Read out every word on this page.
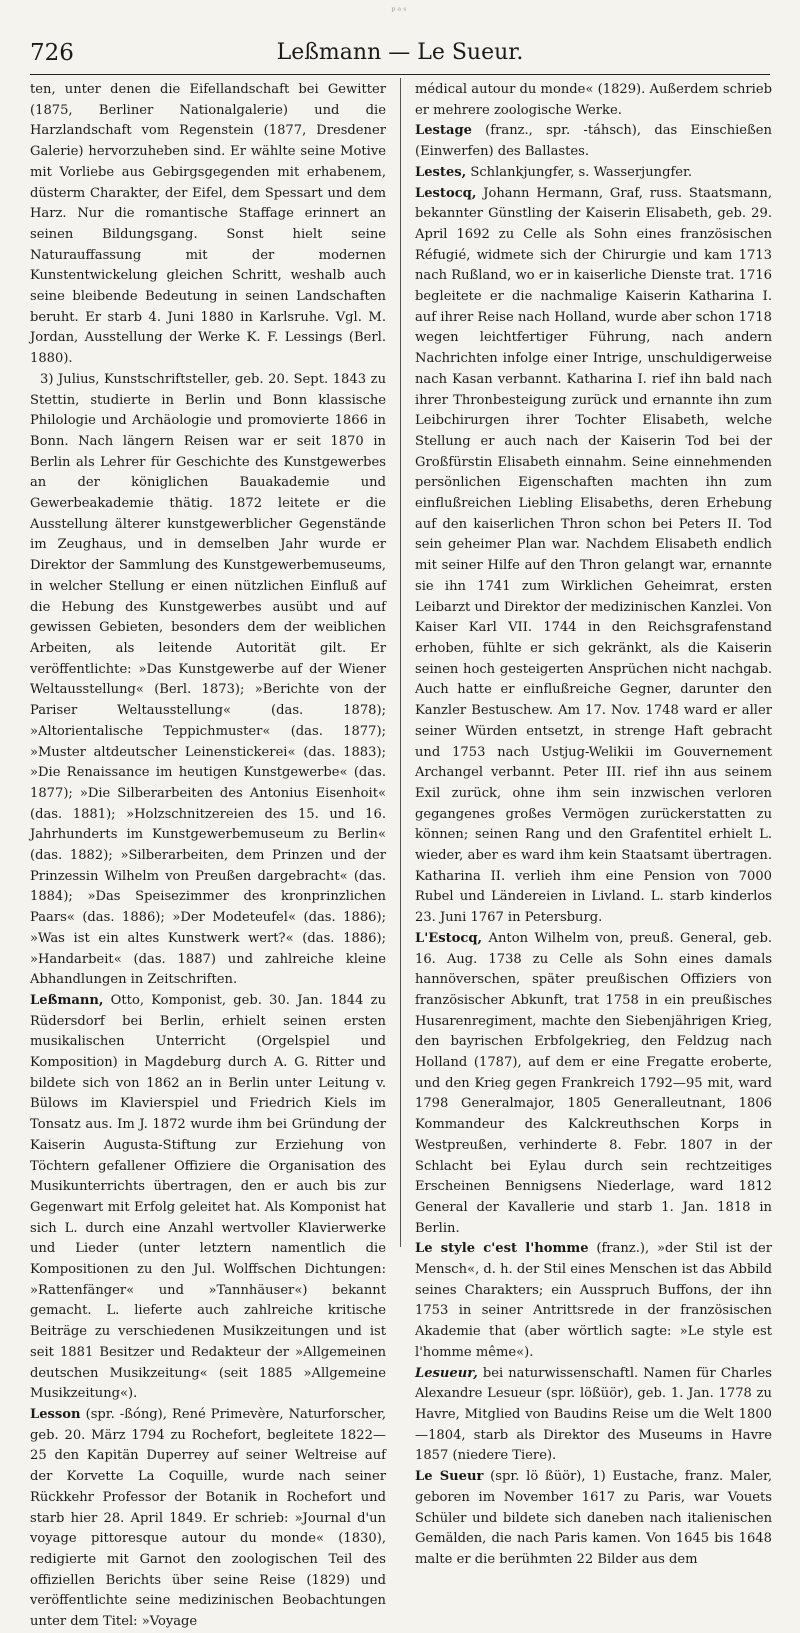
ᵖᵃˢ
726	Leßmann — Le Sueur.

ten, unter denen die Eifellandschaft bei Gewitter (1875, Berliner Nationalgalerie) und die Harzlandschaft vom Regenstein (1877, Dresdener Galerie) hervorzuheben sind. Er wählte seine Motive mit Vorliebe aus Gebirgsgegenden mit erhabenem, düsterm Charakter, der Eifel, dem Spessart und dem Harz. Nur die romantische Staffage erinnert an seinen Bildungsgang. Sonst hielt seine Naturauffassung mit der modernen Kunstentwickelung gleichen Schritt, weshalb auch seine bleibende Bedeutung in seinen Landschaften beruht. Er starb 4. Juni 1880 in Karlsruhe. Vgl. M. Jordan, Ausstellung der Werke K. F. Lessings (Berl. 1880).

3) Julius, Kunstschriftsteller, geb. 20. Sept. 1843 zu Stettin, studierte in Berlin und Bonn klassische Philologie und Archäologie und promovierte 1866 in Bonn. Nach längern Reisen war er seit 1870 in Berlin als Lehrer für Geschichte des Kunstgewerbes an der königlichen Bauakademie und Gewerbeakademie thätig. 1872 leitete er die Ausstellung älterer kunstgewerblicher Gegenstände im Zeughaus, und in demselben Jahr wurde er Direktor der Sammlung des Kunstgewerbemuseums, in welcher Stellung er einen nützlichen Einfluß auf die Hebung des Kunstgewerbes ausübt und auf gewissen Gebieten, besonders dem der weiblichen Arbeiten, als leitende Autorität gilt. Er veröffentlichte: »Das Kunstgewerbe auf der Wiener Weltausstellung« (Berl. 1873); »Berichte von der Pariser Weltausstellung« (das. 1878); »Altorientalische Teppichmuster« (das. 1877); »Muster altdeutscher Leinenstickerei« (das. 1883); »Die Renaissance im heutigen Kunstgewerbe« (das. 1877); »Die Silberarbeiten des Antonius Eisenhoit« (das. 1881); »Holzschnitzereien des 15. und 16. Jahrhunderts im Kunstgewerbemuseum zu Berlin« (das. 1882); »Silberarbeiten, dem Prinzen und der Prinzessin Wilhelm von Preußen dargebracht« (das. 1884); »Das Speisezimmer des kronprinzlichen Paars« (das. 1886); »Der Modeteufel« (das. 1886); »Was ist ein altes Kunstwerk wert?« (das. 1886); »Handarbeit« (das. 1887) und zahlreiche kleine Abhandlungen in Zeitschriften.

Leßmann, Otto, Komponist, geb. 30. Jan. 1844 zu Rüdersdorf bei Berlin, erhielt seinen ersten musikalischen Unterricht (Orgelspiel und Komposition) in Magdeburg durch A. G. Ritter und bildete sich von 1862 an in Berlin unter Leitung v. Bülows im Klavierspiel und Friedrich Kiels im Tonsatz aus. Im J. 1872 wurde ihm bei Gründung der Kaiserin Augusta-Stiftung zur Erziehung von Töchtern gefallener Offiziere die Organisation des Musikunterrichts übertragen, den er auch bis zur Gegenwart mit Erfolg geleitet hat. Als Komponist hat sich L. durch eine Anzahl wertvoller Klavierwerke und Lieder (unter letztern namentlich die Kompositionen zu den Jul. Wolffschen Dichtungen: »Rattenfänger« und »Tannhäuser«) bekannt gemacht. L. lieferte auch zahlreiche kritische Beiträge zu verschiedenen Musikzeitungen und ist seit 1881 Besitzer und Redakteur der »Allgemeinen deutschen Musikzeitung« (seit 1885 »Allgemeine Musikzeitung«).

Lesson (spr. -ßóng), René Primevère, Naturforscher, geb. 20. März 1794 zu Rochefort, begleitete 1822—25 den Kapitän Duperrey auf seiner Weltreise auf der Korvette La Coquille, wurde nach seiner Rückkehr Professor der Botanik in Rochefort und starb hier 28. April 1849. Er schrieb: »Journal d'un voyage pittoresque autour du monde« (1830), redigierte mit Garnot den zoologischen Teil des offiziellen Berichts über seine Reise (1829) und veröffentlichte seine medizinischen Beobachtungen unter dem Titel: »Voyage

médical autour du monde« (1829). Außerdem schrieb er mehrere zoologische Werke.

Lestage (franz., spr. -táhsch), das Einschießen (Einwerfen) des Ballastes.

Lestes, Schlankjungfer, s. Wasserjungfer.

Lestocq, Johann Hermann, Graf, russ. Staatsmann, bekannter Günstling der Kaiserin Elisabeth, geb. 29. April 1692 zu Celle als Sohn eines französischen Réfugié, widmete sich der Chirurgie und kam 1713 nach Rußland, wo er in kaiserliche Dienste trat. 1716 begleitete er die nachmalige Kaiserin Katharina I. auf ihrer Reise nach Holland, wurde aber schon 1718 wegen leichtfertiger Führung, nach andern Nachrichten infolge einer Intrige, unschuldigerweise nach Kasan verbannt. Katharina I. rief ihn bald nach ihrer Thronbesteigung zurück und ernannte ihn zum Leibchirurgen ihrer Tochter Elisabeth, welche Stellung er auch nach der Kaiserin Tod bei der Großfürstin Elisabeth einnahm. Seine einnehmenden persönlichen Eigenschaften machten ihn zum einflußreichen Liebling Elisabeths, deren Erhebung auf den kaiserlichen Thron schon bei Peters II. Tod sein geheimer Plan war. Nachdem Elisabeth endlich mit seiner Hilfe auf den Thron gelangt war, ernannte sie ihn 1741 zum Wirklichen Geheimrat, ersten Leibarzt und Direktor der medizinischen Kanzlei. Von Kaiser Karl VII. 1744 in den Reichsgrafenstand erhoben, fühlte er sich gekränkt, als die Kaiserin seinen hoch gesteigerten Ansprüchen nicht nachgab. Auch hatte er einflußreiche Gegner, darunter den Kanzler Bestuschew. Am 17. Nov. 1748 ward er aller seiner Würden entsetzt, in strenge Haft gebracht und 1753 nach Ustjug-Welikii im Gouvernement Archangel verbannt. Peter III. rief ihn aus seinem Exil zurück, ohne ihm sein inzwischen verloren gegangenes großes Vermögen zurückerstatten zu können; seinen Rang und den Grafentitel erhielt L. wieder, aber es ward ihm kein Staatsamt übertragen. Katharina II. verlieh ihm eine Pension von 7000 Rubel und Ländereien in Livland. L. starb kinderlos 23. Juni 1767 in Petersburg.

L'Estocq, Anton Wilhelm von, preuß. General, geb. 16. Aug. 1738 zu Celle als Sohn eines damals hannöverschen, später preußischen Offiziers von französischer Abkunft, trat 1758 in ein preußisches Husarenregiment, machte den Siebenjährigen Krieg, den bayrischen Erbfolgekrieg, den Feldzug nach Holland (1787), auf dem er eine Fregatte eroberte, und den Krieg gegen Frankreich 1792—95 mit, ward 1798 Generalmajor, 1805 Generalleutnant, 1806 Kommandeur des Kalckreuthschen Korps in Westpreußen, verhinderte 8. Febr. 1807 in der Schlacht bei Eylau durch sein rechtzeitiges Erscheinen Bennigsens Niederlage, ward 1812 General der Kavallerie und starb 1. Jan. 1818 in Berlin.

Le style c'est l'homme (franz.), »der Stil ist der Mensch«, d. h. der Stil eines Menschen ist das Abbild seines Charakters; ein Ausspruch Buffons, der ihn 1753 in seiner Antrittsrede in der französischen Akademie that (aber wörtlich sagte: »Le style est l'homme même«).

Lesueur, bei naturwissenschaftl. Namen für Charles Alexandre Lesueur (spr. lößüör), geb. 1. Jan. 1778 zu Havre, Mitglied von Baudins Reise um die Welt 1800—1804, starb als Direktor des Museums in Havre 1857 (niedere Tiere).

Le Sueur (spr. lö ßüör), 1) Eustache, franz. Maler, geboren im November 1617 zu Paris, war Vouets Schüler und bildete sich daneben nach italienischen Gemälden, die nach Paris kamen. Von 1645 bis 1648 malte er die berühmten 22 Bilder aus dem
